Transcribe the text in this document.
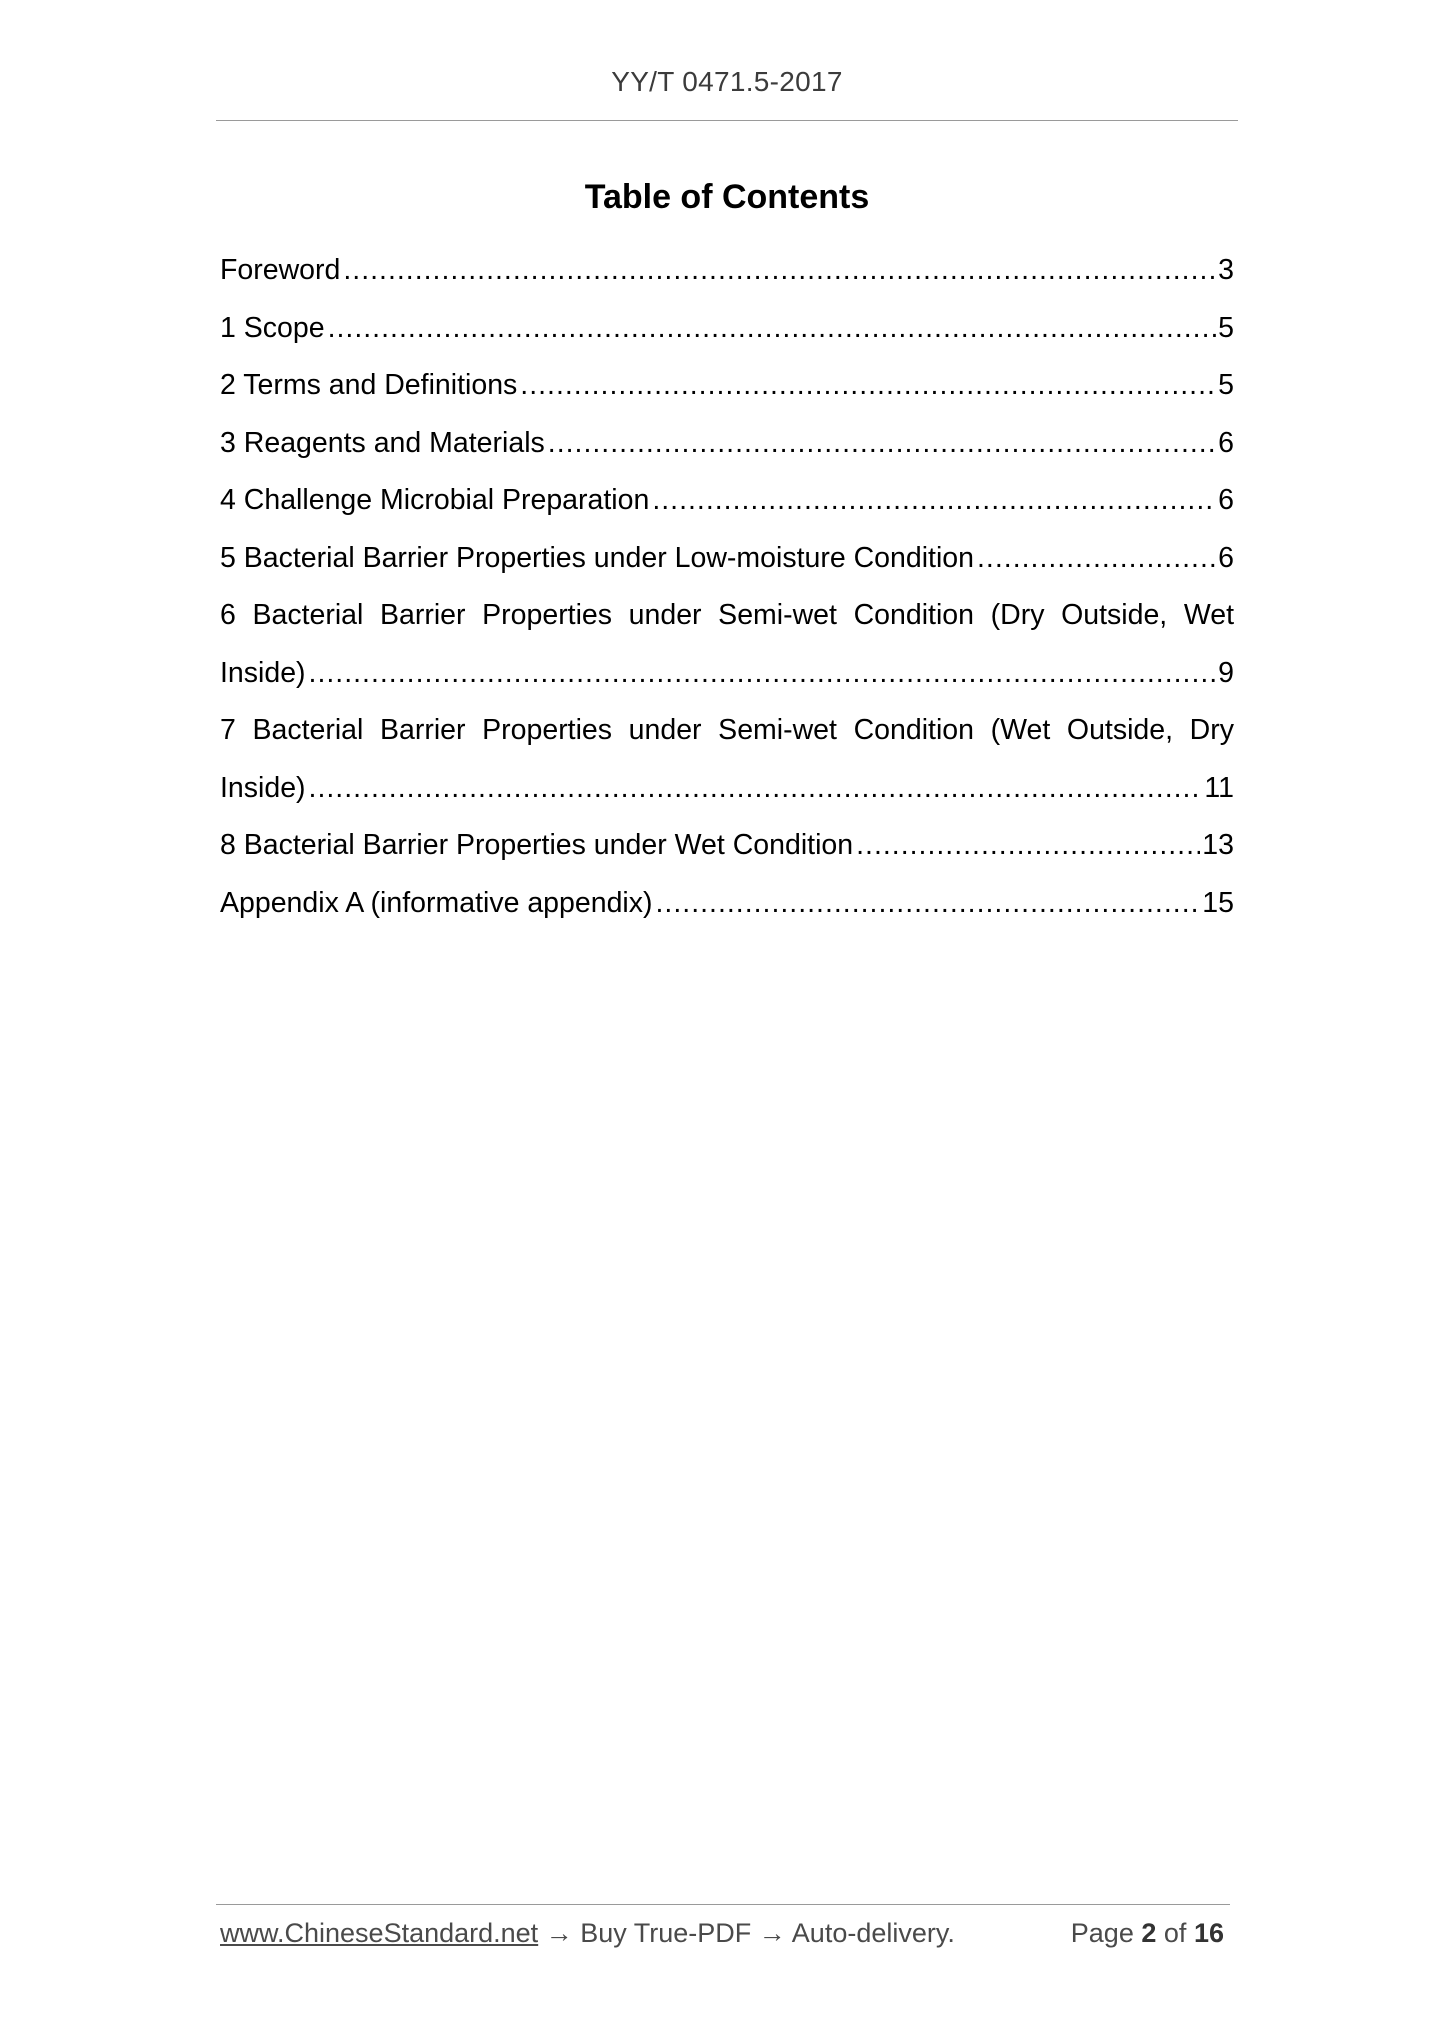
YY/T 0471.5-2017
Table of Contents
Foreword .....	3
1 Scope .....	5
2 Terms and Definitions .....	5
3 Reagents and Materials .....	6
4 Challenge Microbial Preparation .....	6
5 Bacterial Barrier Properties under Low-moisture Condition .....	6
6 Bacterial Barrier Properties under Semi-wet Condition (Dry Outside, Wet
Inside) .....	9
7 Bacterial Barrier Properties under Semi-wet Condition (Wet Outside, Dry
Inside) .....	11
8 Bacterial Barrier Properties under Wet Condition .....	13
Appendix A (informative appendix) .....	15
www.ChineseStandard.net → Buy True-PDF → Auto-delivery.	Page 2 of 16
